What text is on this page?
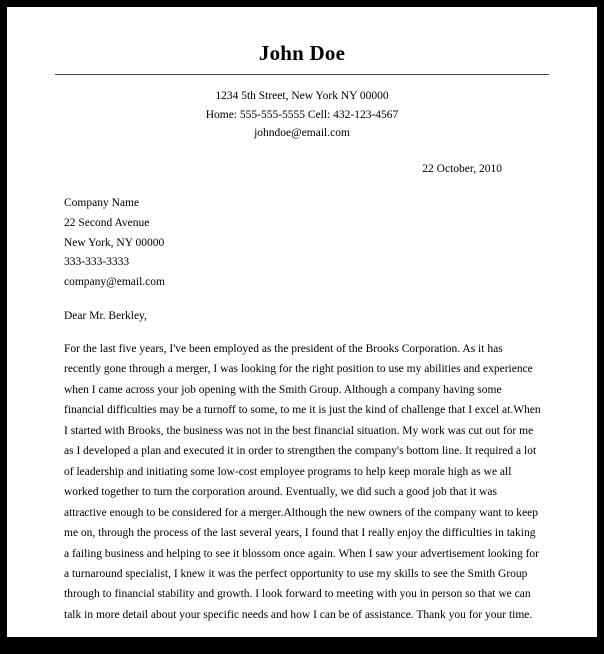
John Doe
1234 5th Street, New York NY 00000
Home: 555-555-5555 Cell: 432-123-4567
johndoe@email.com
22 October, 2010
Company Name
22 Second Avenue
New York, NY 00000
333-333-3333
company@email.com
Dear Mr. Berkley,
For the last five years, I've been employed as the president of the Brooks Corporation. As it has recently gone through a merger, I was looking for the right position to use my abilities and experience when I came across your job opening with the Smith Group. Although a company having some financial difficulties may be a turnoff to some, to me it is just the kind of challenge that I excel at.When I started with Brooks, the business was not in the best financial situation. My work was cut out for me as I developed a plan and executed it in order to strengthen the company's bottom line. It required a lot of leadership and initiating some low-cost employee programs to help keep morale high as we all worked together to turn the corporation around. Eventually, we did such a good job that it was attractive enough to be considered for a merger.Although the new owners of the company want to keep me on, through the process of the last several years, I found that I really enjoy the difficulties in taking a failing business and helping to see it blossom once again. When I saw your advertisement looking for a turnaround specialist, I knew it was the perfect opportunity to use my skills to see the Smith Group through to financial stability and growth. I look forward to meeting with you in person so that we can talk in more detail about your specific needs and how I can be of assistance. Thank you for your time.
John Doe
